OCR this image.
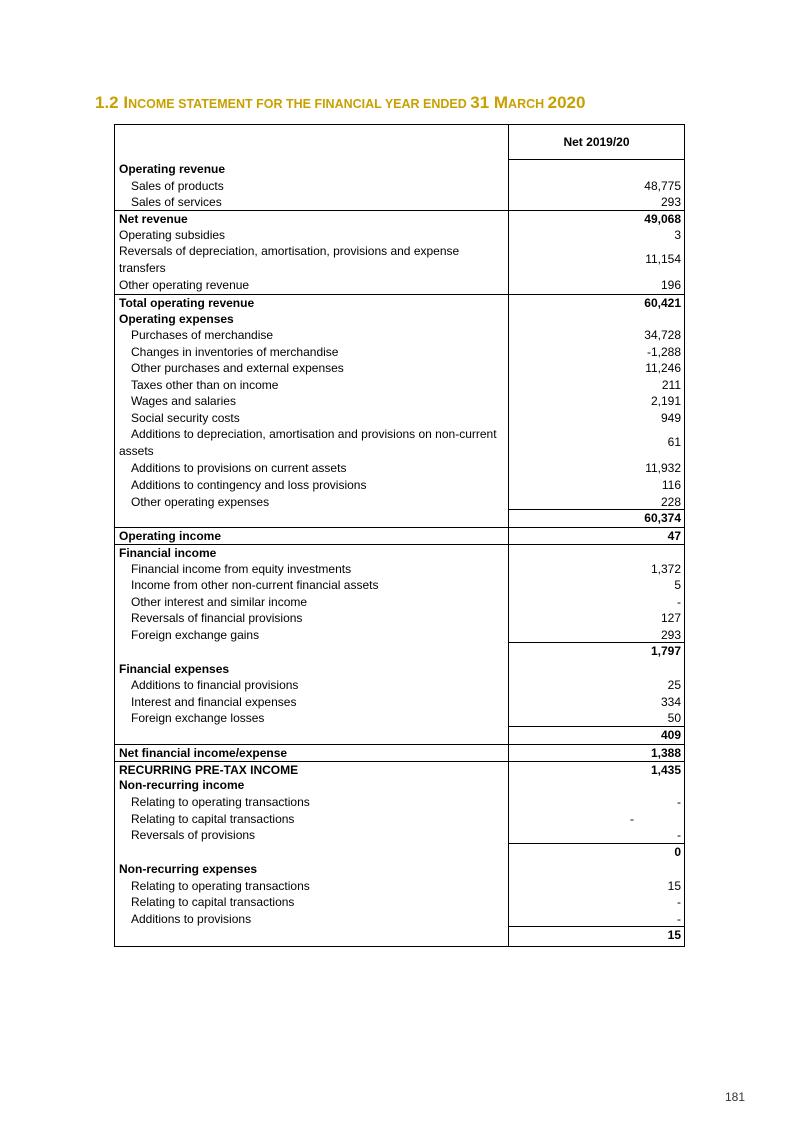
1.2 INCOME STATEMENT FOR THE FINANCIAL YEAR ENDED 31 MARCH 2020
Net 2019/20
Operating revenue
Sales of products	48,775
Sales of services	293
Net revenue	49,068
Operating subsidies	3
Reversals of depreciation, amortisation, provisions and expense transfers
11,154
Other operating revenue	196
Total operating revenue	60,421
Operating expenses
Purchases of merchandise	34,728
Changes in inventories of merchandise	-1,288
Other purchases and external expenses	11,246
Taxes other than on income	211
Wages and salaries	2,191
Social security costs	949
Additions to depreciation, amortisation and provisions on non-current assets
61
Additions to provisions on current assets	11,932
Additions to contingency and loss provisions	116
Other operating expenses	228
60,374
Operating income	47
Financial income
Financial income from equity investments	1,372
Income from other non-current financial assets	5
Other interest and similar income	-
Reversals of financial provisions	127
Foreign exchange gains	293
1,797
Financial expenses
Additions to financial provisions	25
Interest and financial expenses	334
Foreign exchange losses	50
409
Net financial income/expense	1,388
RECURRING PRE-TAX INCOME	1,435
Non-recurring income
Relating to operating transactions	-
Relating to capital transactions	-
Reversals of provisions	-
0
Non-recurring expenses
Relating to operating transactions	15
Relating to capital transactions	-
Additions to provisions	-
15
181
